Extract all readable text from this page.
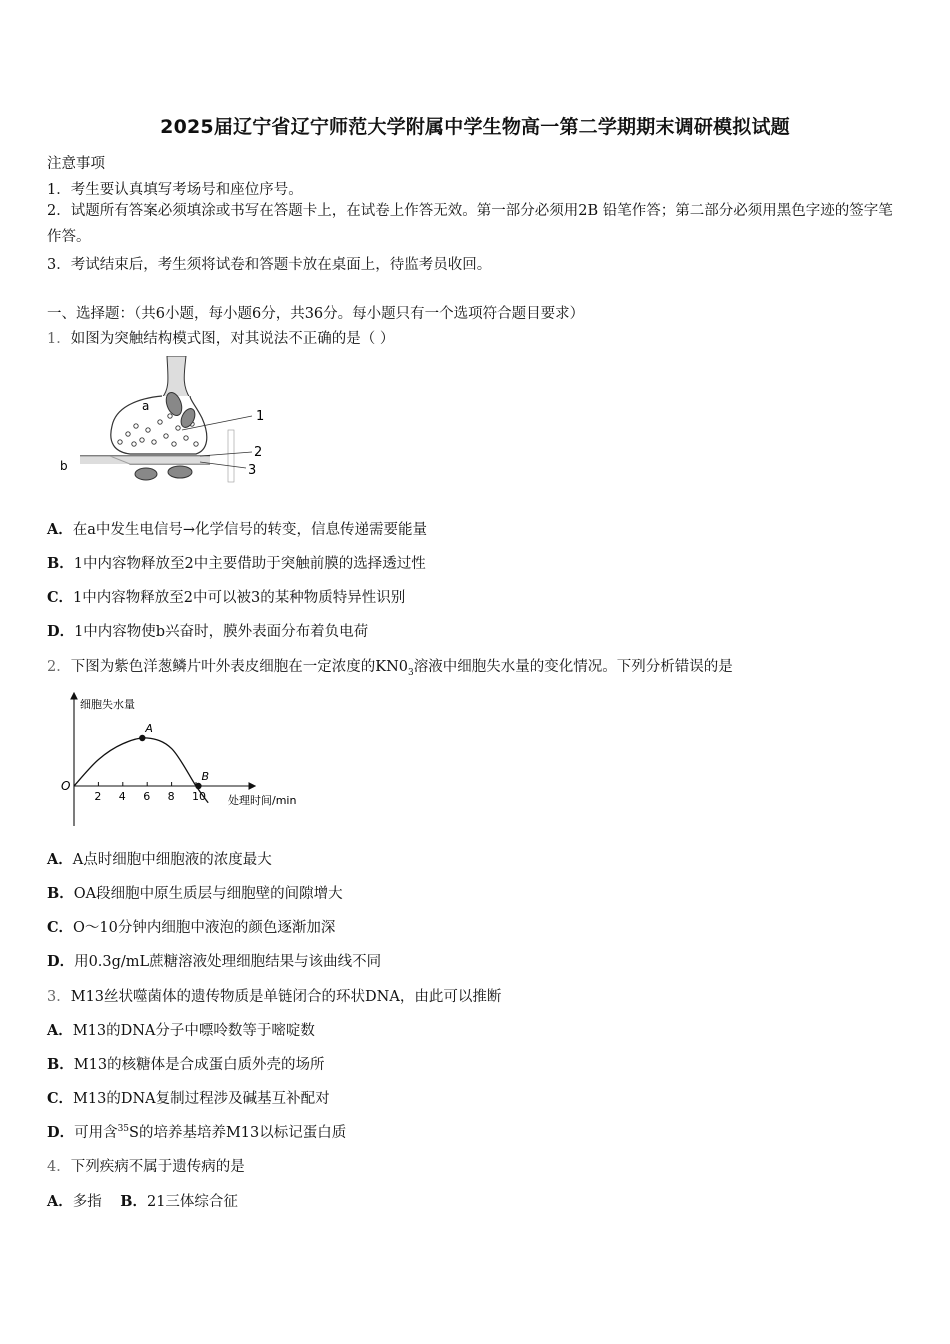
2025届辽宁省辽宁师范大学附属中学生物高一第二学期期末调研模拟试题
注意事项
1．考生要认真填写考场号和座位序号。
2．试题所有答案必须填涂或书写在答题卡上，在试卷上作答无效。第一部分必须用2B 铅笔作答；第二部分必须用黑色字迹的签字笔作答。
3．考试结束后，考生须将试卷和答题卡放在桌面上，待监考员收回。
一、选择题：（共6小题，每小题6分，共36分。每小题只有一个选项符合题目要求）
1．如图为突触结构模式图，对其说法不正确的是（ ）
a
b
1
2
3
A．在a中发生电信号→化学信号的转变，信息传递需要能量
B．1中内容物释放至2中主要借助于突触前膜的选择透过性
C．1中内容物释放至2中可以被3的某种物质特异性识别
D．1中内容物使b兴奋时，膜外表面分布着负电荷
2．下图为紫色洋葱鳞片叶外表皮细胞在一定浓度的$KN0_3$溶液中细胞失水量的变化情况。下列分析错误的是
细胞失水量
处理时间/min
O
2 4 6 8 10
A
B
A．A点时细胞中细胞液的浓度最大
B．OA段细胞中原生质层与细胞壁的间隙增大
C．O～10分钟内细胞中液泡的颜色逐渐加深
D．用0.3g/mL蔗糖溶液处理细胞结果与该曲线不同
3．M13丝状噬菌体的遗传物质是单链闭合的环状DNA，由此可以推断
A．M13的DNA分子中嘌呤数等于嘧啶数
B．M13的核糖体是合成蛋白质外壳的场所
C．M13的DNA复制过程涉及碱基互补配对
D．可用含$^{35}$S的培养基培养M13以标记蛋白质
4．下列疾病不属于遗传病的是
A．多指 B．21三体综合征
